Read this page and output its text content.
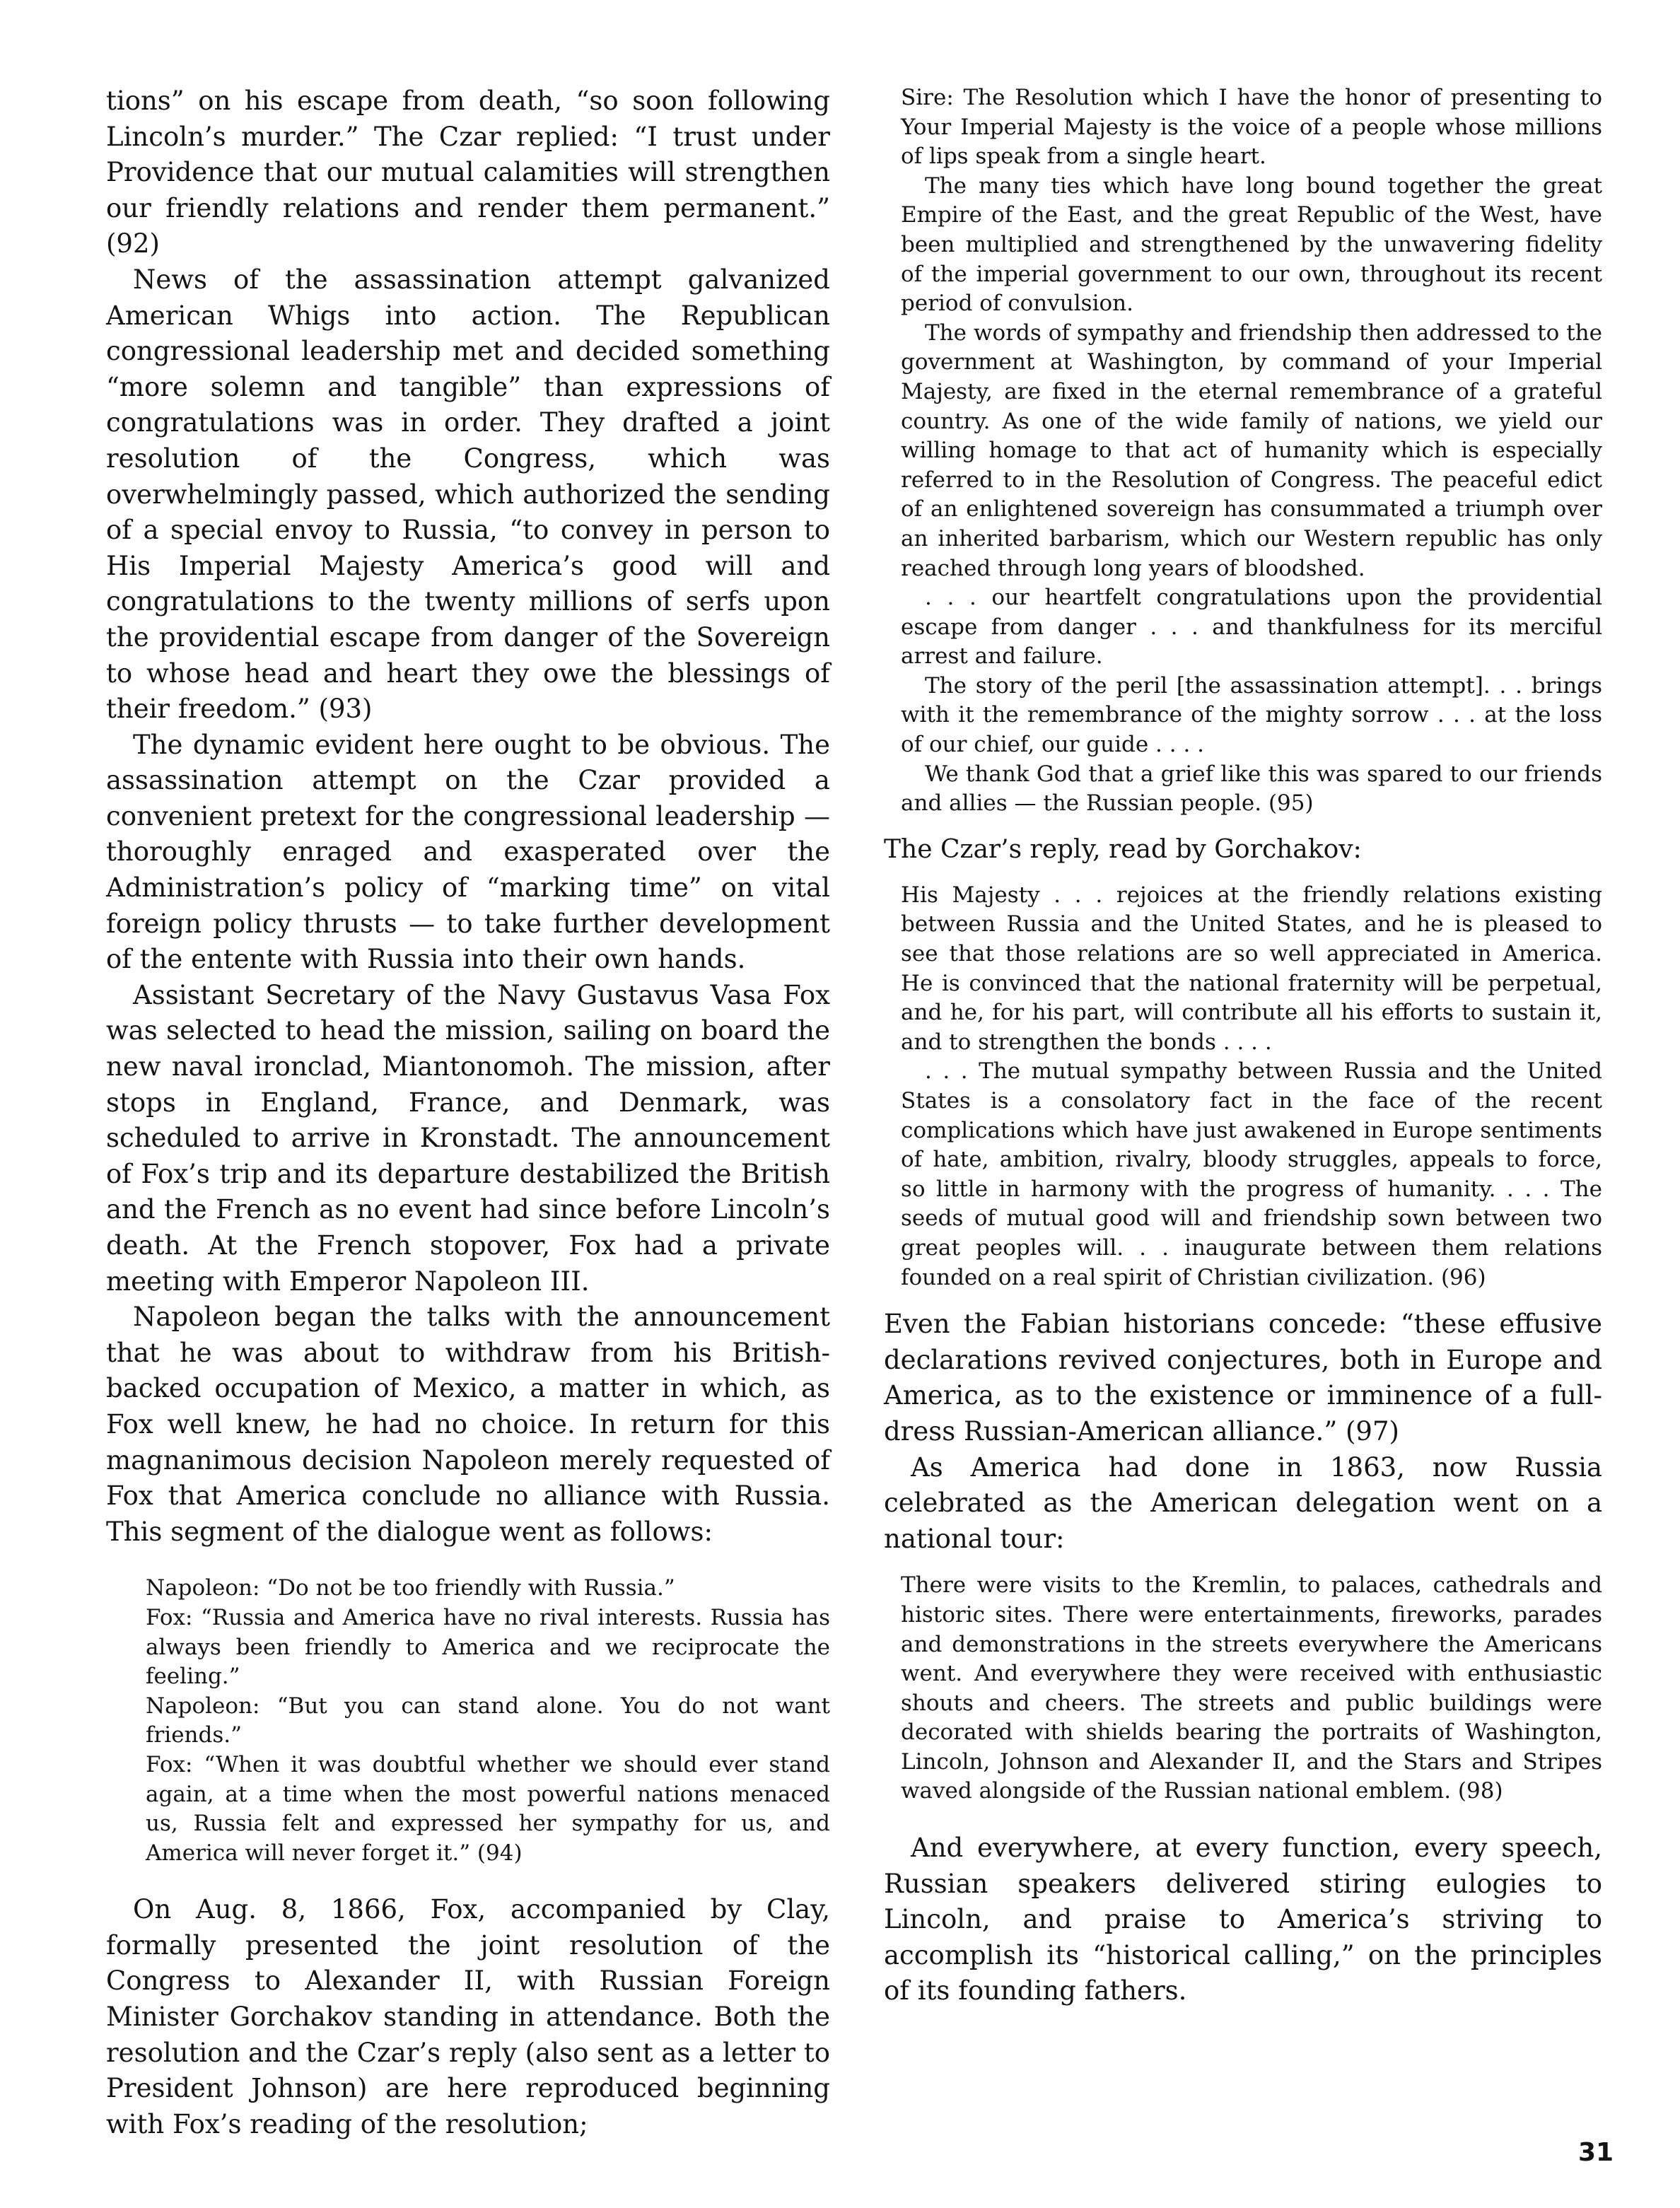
tions” on his escape from death, “so soon following Lincoln’s murder.” The Czar replied: “I trust under Providence that our mutual calamities will strengthen our friendly relations and render them permanent.” (92)

News of the assassination attempt galvanized American Whigs into action. The Republican congressional leadership met and decided something “more solemn and tangible” than expressions of congratulations was in order. They drafted a joint resolution of the Congress, which was overwhelmingly passed, which authorized the sending of a special envoy to Russia, “to convey in person to His Imperial Majesty America’s good will and congratulations to the twenty millions of serfs upon the providential escape from danger of the Sovereign to whose head and heart they owe the blessings of their freedom.” (93)

The dynamic evident here ought to be obvious. The assassination attempt on the Czar provided a convenient pretext for the congressional leadership — thoroughly enraged and exasperated over the Administration’s policy of “marking time” on vital foreign policy thrusts — to take further development of the entente with Russia into their own hands.

Assistant Secretary of the Navy Gustavus Vasa Fox was selected to head the mission, sailing on board the new naval ironclad, Miantonomoh. The mission, after stops in England, France, and Denmark, was scheduled to arrive in Kronstadt. The announcement of Fox’s trip and its departure destabilized the British and the French as no event had since before Lincoln’s death. At the French stopover, Fox had a private meeting with Emperor Napoleon III.

Napoleon began the talks with the announcement that he was about to withdraw from his British-backed occupation of Mexico, a matter in which, as Fox well knew, he had no choice. In return for this magnanimous decision Napoleon merely requested of Fox that America conclude no alliance with Russia. This segment of the dialogue went as follows:

Napoleon: “Do not be too friendly with Russia.”

Fox: “Russia and America have no rival interests. Russia has always been friendly to America and we reciprocate the feeling.”

Napoleon: “But you can stand alone. You do not want friends.”

Fox: “When it was doubtful whether we should ever stand again, at a time when the most powerful nations menaced us, Russia felt and expressed her sympathy for us, and America will never forget it.” (94)

On Aug. 8, 1866, Fox, accompanied by Clay, formally presented the joint resolution of the Congress to Alexander II, with Russian Foreign Minister Gorchakov standing in attendance. Both the resolution and the Czar’s reply (also sent as a letter to President Johnson) are here reproduced beginning with Fox’s reading of the resolution;

Sire: The Resolution which I have the honor of presenting to Your Imperial Majesty is the voice of a people whose millions of lips speak from a single heart.

The many ties which have long bound together the great Empire of the East, and the great Republic of the West, have been multiplied and strengthened by the unwavering fidelity of the imperial government to our own, throughout its recent period of convulsion.

The words of sympathy and friendship then addressed to the government at Washington, by command of your Imperial Majesty, are fixed in the eternal remembrance of a grateful country. As one of the wide family of nations, we yield our willing homage to that act of humanity which is especially referred to in the Resolution of Congress. The peaceful edict of an enlightened sovereign has consummated a triumph over an inherited barbarism, which our Western republic has only reached through long years of bloodshed.

. . . our heartfelt congratulations upon the providential escape from danger . . . and thankfulness for its merciful arrest and failure.

The story of the peril [the assassination attempt]. . . brings with it the remembrance of the mighty sorrow . . . at the loss of our chief, our guide . . . .

We thank God that a grief like this was spared to our friends and allies — the Russian people. (95)

The Czar’s reply, read by Gorchakov:

His Majesty . . . rejoices at the friendly relations existing between Russia and the United States, and he is pleased to see that those relations are so well appreciated in America. He is convinced that the national fraternity will be perpetual, and he, for his part, will contribute all his efforts to sustain it, and to strengthen the bonds . . . .

. . . The mutual sympathy between Russia and the United States is a consolatory fact in the face of the recent complications which have just awakened in Europe sentiments of hate, ambition, rivalry, bloody struggles, appeals to force, so little in harmony with the progress of humanity. . . . The seeds of mutual good will and friendship sown between two great peoples will. . . inaugurate between them relations founded on a real spirit of Christian civilization. (96)

Even the Fabian historians concede: “these effusive declarations revived conjectures, both in Europe and America, as to the existence or imminence of a full-dress Russian-American alliance.” (97)

As America had done in 1863, now Russia celebrated as the American delegation went on a national tour:

There were visits to the Kremlin, to palaces, cathedrals and historic sites. There were entertainments, fireworks, parades and demonstrations in the streets everywhere the Americans went. And everywhere they were received with enthusiastic shouts and cheers. The streets and public buildings were decorated with shields bearing the portraits of Washington, Lincoln, Johnson and Alexander II, and the Stars and Stripes waved alongside of the Russian national emblem. (98)

And everywhere, at every function, every speech, Russian speakers delivered stiring eulogies to Lincoln, and praise to America’s striving to accomplish its “historical calling,” on the principles of its founding fathers.

31
